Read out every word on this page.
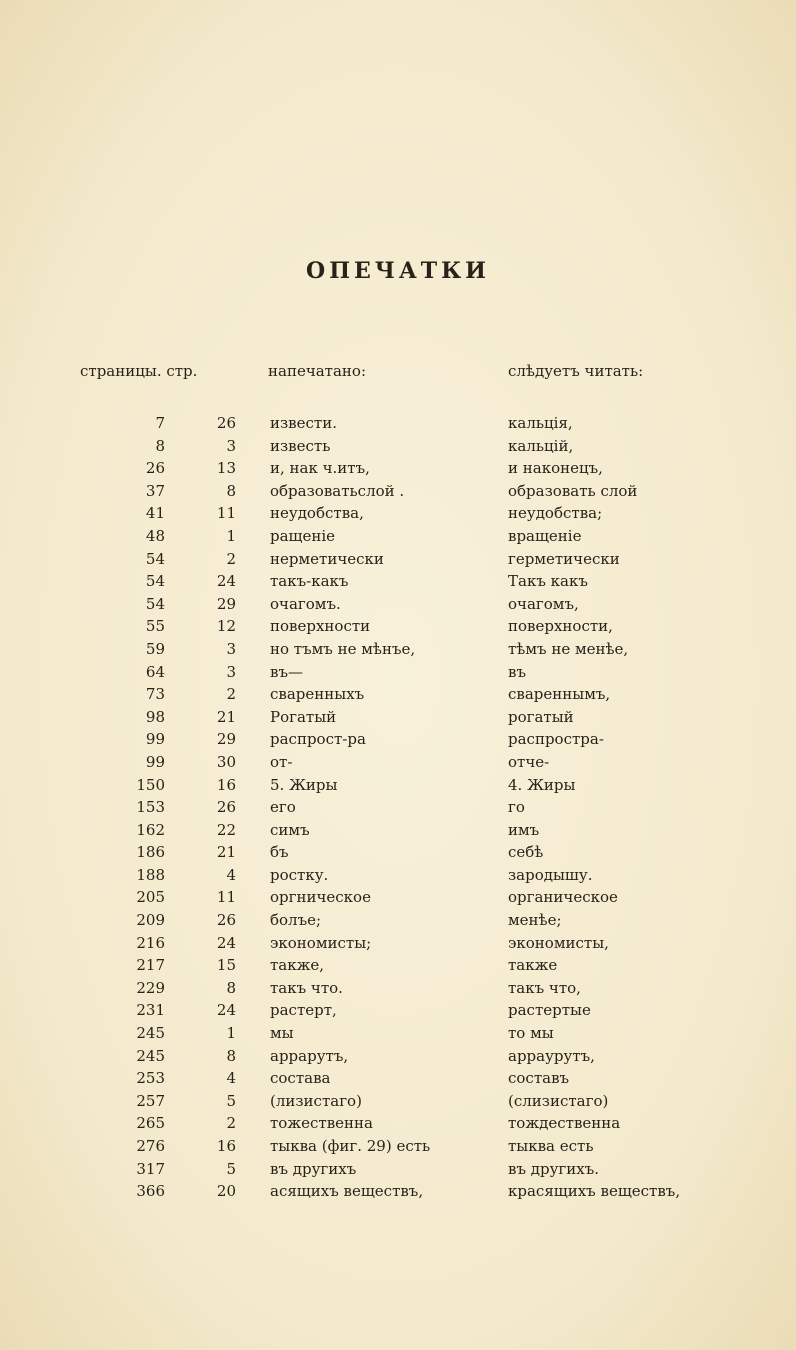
ОПЕЧАТКИ
страницы. стр.	напечатано:	слѣдуетъ читать:
7	26 извести.	кальція,
8	3 известь	кальцій,
26	13 и, нак ч.итъ,	и наконецъ,
37	8 образоватьслой .	образовать слой
41	11 неудобства,	неудобства;
48	1 ращеніе	вращеніе
54	2 нерметически	герметически
54	24 такъ-какъ	Такъ какъ
54	29 очагомъ.	очагомъ,
55	12 поверхности	поверхности,
59	3 но тъмъ не мѣнъе,	тѣмъ не менѣе,
64	3 въ—	въ
73	2 сваренныхъ	свареннымъ,
98	21 Рогатый	рогатый
99	29 распрост-ра	распростра-
99	30 от-	отче-
150	16 5. Жиры	4. Жиры
153	26 его	го
162	22 симъ	имъ
186	21 бъ	себѣ
188	4 ростку.	зародышу.
205	11 оргническое	органическое
209	26 болъе;	менѣе;
216	24 экономисты;	экономисты,
217	15 также,	также
229	8 такъ что.	такъ что,
231	24 растерт,	растертые
245	1 мы	то мы
245	8 аррарутъ,	арраурутъ,
253	4 состава	составъ
257	5 (лизистаго)	(слизистаго)
265	2 тожественна	тождественна
276	16 тыква (фиг. 29) есть	тыква есть
317	5 въ другихъ	въ другихъ.
366	20 асящихъ веществъ,	красящихъ веществъ,
